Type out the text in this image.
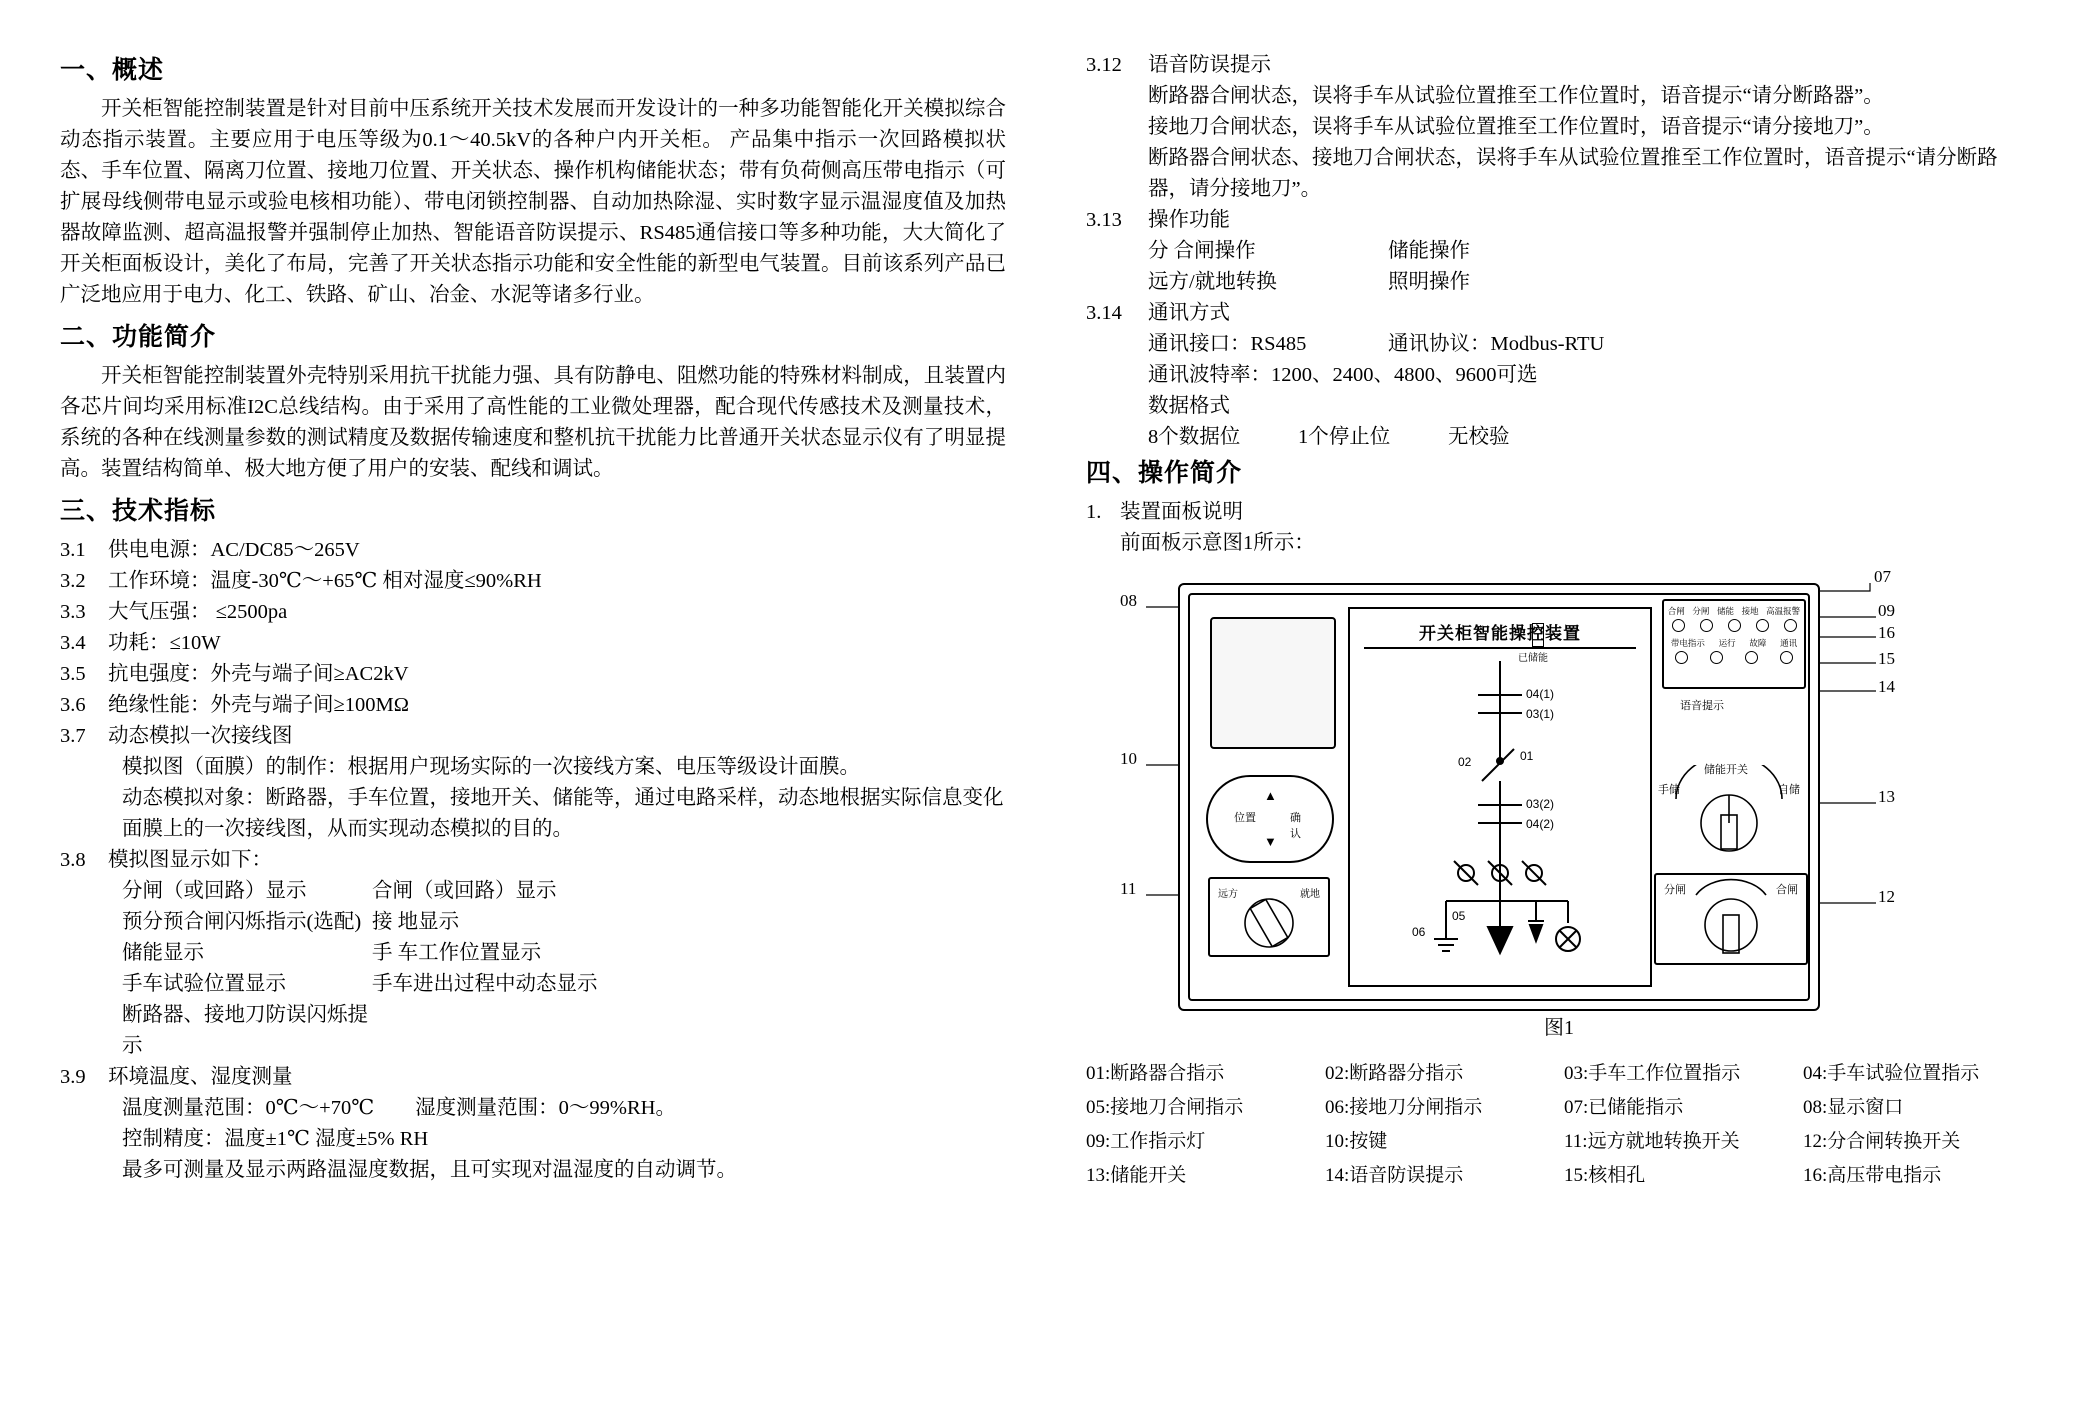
一、概述

开关柜智能控制装置是针对目前中压系统开关技术发展而开发设计的一种多功能智能化开关模拟综合动态指示装置。主要应用于电压等级为0.1～40.5kV的各种户内开关柜。 产品集中指示一次回路模拟状态、手车位置、隔离刀位置、接地刀位置、开关状态、操作机构储能状态；带有负荷侧高压带电指示（可扩展母线侧带电显示或验电核相功能）、带电闭锁控制器、自动加热除湿、实时数字显示温湿度值及加热器故障监测、超高温报警并强制停止加热、智能语音防误提示、RS485通信接口等多种功能，大大简化了开关柜面板设计，美化了布局，完善了开关状态指示功能和安全性能的新型电气装置。目前该系列产品已广泛地应用于电力、化工、铁路、矿山、冶金、水泥等诸多行业。

二、功能简介

开关柜智能控制装置外壳特别采用抗干扰能力强、具有防静电、阻燃功能的特殊材料制成，且装置内各芯片间均采用标准I2C总线结构。由于采用了高性能的工业微处理器，配合现代传感技术及测量技术，系统的各种在线测量参数的测试精度及数据传输速度和整机抗干扰能力比普通开关状态显示仪有了明显提高。装置结构简单、极大地方便了用户的安装、配线和调试。

三、技术指标
3.1	供电电源：AC/DC85～265V
3.2	工作环境：温度-30℃～+65℃ 相对湿度≤90%RH
3.3	大气压强： ≤2500pa
3.4	功耗：≤10W
3.5	抗电强度：外壳与端子间≥AC2kV
3.6	绝缘性能：外壳与端子间≥100MΩ
3.7	动态模拟一次接线图

模拟图（面膜）的制作：根据用户现场实际的一次接线方案、电压等级设计面膜。

动态模拟对象：断路器，手车位置，接地开关、储能等，通过电路采样，动态地根据实际信息变化面膜上的一次接线图，从而实现动态模拟的目的。

3.8	模拟图显示如下：
分闸（或回路）显示	合闸（或回路）显示
预分预合闸闪烁指示(选配) 接 地显示
储能显示	手 车工作位置显示
手车试验位置显示	手车进出过程中动态显示
断路器、接地刀防误闪烁提示
3.9	环境温度、湿度测量

温度测量范围：0℃～+70℃　　湿度测量范围：0～99%RH。

控制精度：温度±1℃ 湿度±5% RH

最多可测量及显示两路温湿度数据，且可实现对温湿度的自动调节。

3.12	语音防误提示

断路器合闸状态，误将手车从试验位置推至工作位置时，语音提示“请分断路器”。

接地刀合闸状态，误将手车从试验位置推至工作位置时，语音提示“请分接地刀”。

断路器合闸状态、接地刀合闸状态，误将手车从试验位置推至工作位置时，语音提示“请分断路器，请分接地刀”。

3.13	操作功能
分 合闸操作	储能操作
远方/就地转换	照明操作
3.14	通讯方式
通讯接口：RS485	通讯协议：Modbus-RTU

通讯波特率：1200、2400、4800、9600可选

数据格式

8个数据位	1个停止位	无校验
四、操作简介
1. 装置面板说明

前面板示意图1所示：

07
08
09
16
15
14
10
11
13
12
合闸 分闸 储能 接地 高温报警
带电指示 运行 故障 通讯
语音提示
已储能
▲
▼
位置	确认
远方	就地
储能开关
手储	自储
分闸	合闸
开关柜智能操控装置
04(1)
03(1)
01
02
03(2)
04(2)
05
06
图1
01:断路器合指示	02:断路器分指示	03:手车工作位置指示	04:手车试验位置指示
05:接地刀合闸指示	06:接地刀分闸指示	07:已储能指示	08:显示窗口
09:工作指示灯	10:按键	11:远方就地转换开关	12:分合闸转换开关
13:储能开关	14:语音防误提示	15:核相孔	16:高压带电指示
